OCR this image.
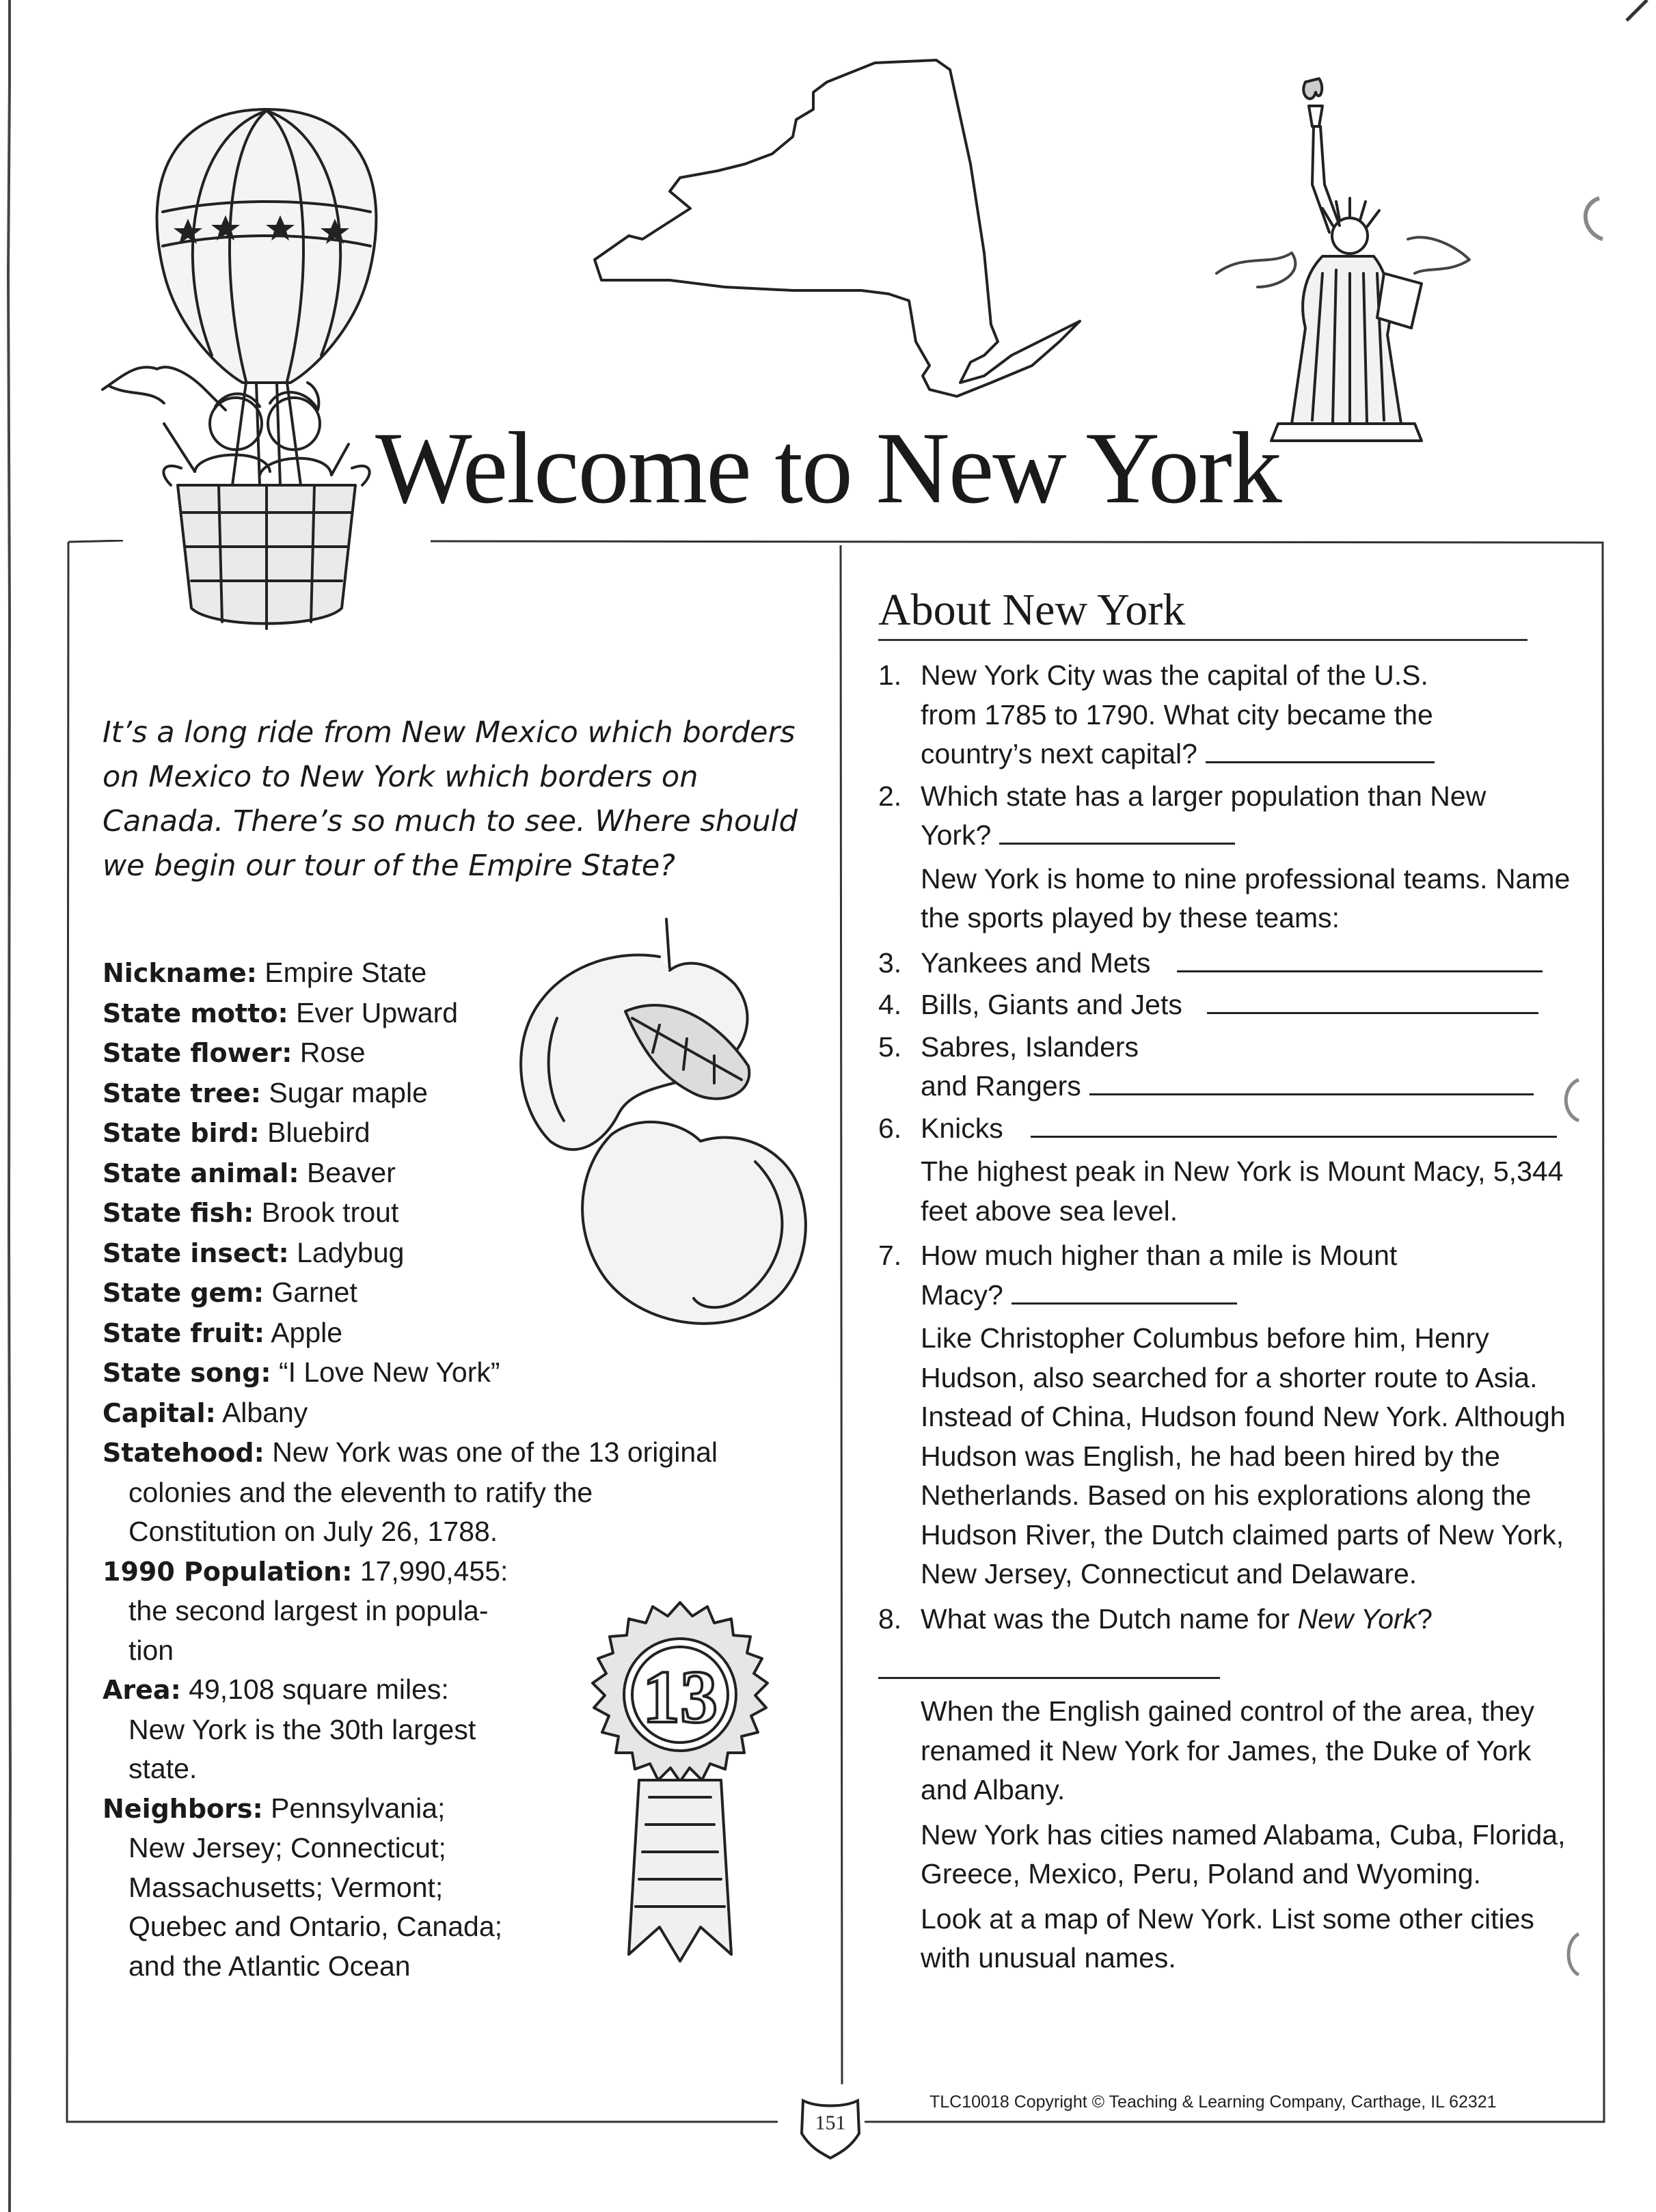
Welcome to New York
It’s a long ride from New Mexico which borders on Mexico to New York which borders on Canada. There’s so much to see. Where should we begin our tour of the Empire State?

Nickname: Empire State

State motto: Ever Upward

State flower: Rose

State tree: Sugar maple

State bird: Bluebird

State animal: Beaver

State fish: Brook trout

State insect: Ladybug

State gem: Garnet

State fruit: Apple

State song: “I Love New York”

Capital: Albany

Statehood: New York was one of the 13 original
colonies and the eleventh to ratify the
Constitution on July 26, 1788.

1990 Population: 17,990,455:
the second largest in popula-
tion

Area: 49,108 square miles:
New York is the 30th largest
state.

Neighbors: Pennsylvania;
New Jersey; Connecticut;
Massachusetts; Vermont;
Quebec and Ontario, Canada;
and the Atlantic Ocean

13
About New York
1. New York City was the capital of the U.S.
from 1785 to 1790. What city became the
country’s next capital?
2. Which state has a larger population than New
York?
New York is home to nine professional teams. Name the sports played by these teams:
3. Yankees and Mets
4. Bills, Giants and Jets
5. Sabres, Islanders
and Rangers
6. Knicks
The highest peak in New York is Mount Macy, 5,344 feet above sea level.
7. How much higher than a mile is Mount
Macy?
Like Christopher Columbus before him, Henry Hudson, also searched for a shorter route to Asia. Instead of China, Hudson found New York. Although Hudson was English, he had been hired by the Netherlands. Based on his explorations along the Hudson River, the Dutch claimed parts of New York, New Jersey, Connecticut and Delaware.
8. What was the Dutch name for New York?
When the English gained control of the area, they renamed it New York for James, the Duke of York and Albany.
New York has cities named Alabama, Cuba, Florida, Greece, Mexico, Peru, Poland and Wyoming.
Look at a map of New York. List some other cities with unusual names.
151
TLC10018 Copyright © Teaching & Learning Company, Carthage, IL 62321
